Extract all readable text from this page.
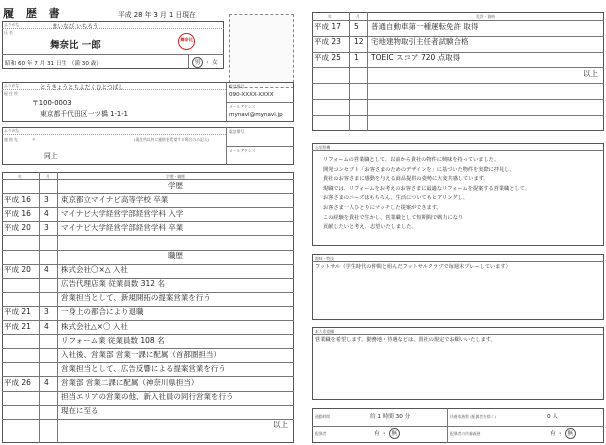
履 歴 書	平成 28 年 3 月 1 日現在
ふりがな	まいなび いちろう
氏 名
舞奈比 一郎
舞奈比
昭和 60 年 7 月 31 日生 （満 30 歳）	男 ・ 女
ふりがな	とうきょうとちよだくひとつばし
現 住 所
〒100-0003
東京都千代田区一ツ橋 1-1-1
電話番号
090-XXXX-XXXX
メールアドレス
mynavi@mynavi.jp
ふりがな
連 絡 先	〒	(現住所以外に連絡を希望する場合のみ記入)
同上
電話番号
メールアドレス
年	月	学歴・職歴
学歴
平成 16 3 東京都立マイナビ高等学校 卒業
平成 16 4 マイナビ大学経営学部経営学科 入学
平成 20 3 マイナビ大学経営学部経営学科 卒業
職歴
平成 20 4 株式会社〇×△ 入社
広告代理店業 従業員数 312 名
営業担当として、新規開拓の提案営業を行う
平成 21 3 一身上の都合により退職
平成 21 4 株式会社△×〇 入社
リフォーム業 従業員数 108 名
入社後、営業部 営業一課に配属（首都圏担当）
営業担当として、広告反響による提案営業を行う
平成 26 4 営業部 営業二課に配属（神奈川県担当）
担当エリアの営業の他、新入社員の同行営業を行う
現在に至る
以上
年	月	免許・資格
平成 17 5 普通自動車第一種運転免許 取得
平成 23 12 宅地建物取引主任者試験合格
平成 25 1 TOEIC スコア 720 点取得
以上
志望動機
リフォームの営業職として、以前から貴社の物件に興味を持っていました。
開発コンセプト「お客さまのためのデザインを」に基づいた物件を実際に拝見し、
貴社のお客さまに感動を与える商品提供の姿勢に大変共感しています。
現職では、リフォームをお考えのお客さまに最適なリフォームを提案する営業職として、
お客さまのニーズはもちろん、生活についてもヒアリングし、
お客さま一人ひとりにマッチした提案ができます。
この経験を貴社で生かし、営業職として短期間で戦力になり
貢献したいと考え、志望いたしました。
趣味・特技
フットサル（学生時代の仲間と組んだフットサルクラブで毎週末プレーしています）
本人希望欄
営業職を希望します。勤務地・待遇などは、貴社の規定でお願いいたします。
通勤時間	約 1 時間 30 分	扶養家族数 (配偶者を除く)	0 人
配偶者	有 ・ 無	配偶者の扶養義務	有 ・ 無
